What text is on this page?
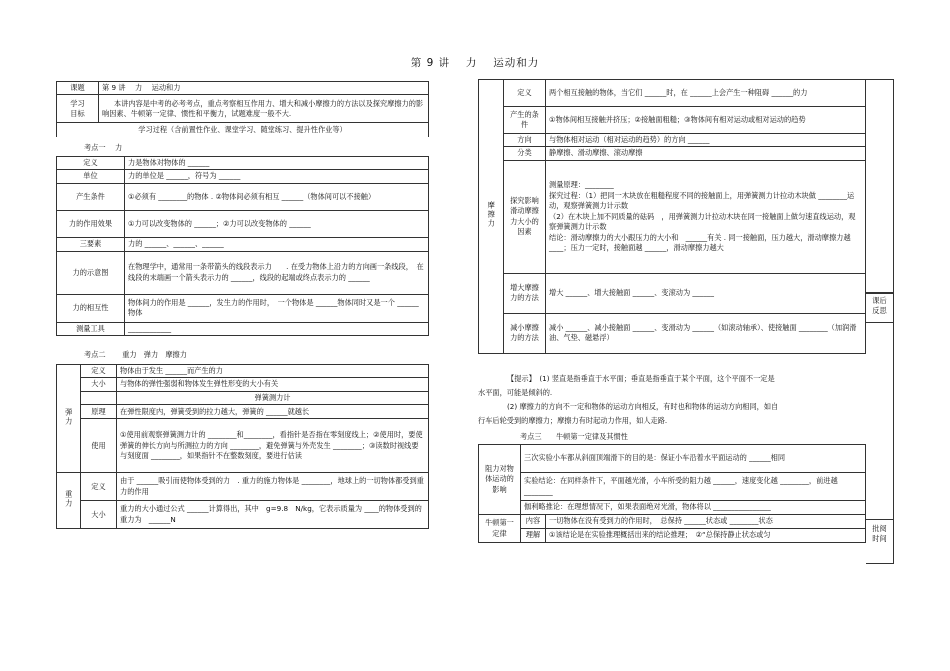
第 9 讲　 力　 运动和力
课题	第 9 讲　 力　 运动和力
学习
目标	本讲内容是中考的必考考点，重点考察相互作用力、增大和减小摩擦力的方法以及探究摩擦力的影响因素、牛顿第一定律、惯性和平衡力，试题难度一般不大.
学习过程（含前置性作业、课堂学习、随堂练习、提升性作业等）	
考点一　 力
定义	力是物体对物体的 ______
单位	力的单位是 ______，符号为 ______
产生条件	①必须有 ________的物体 . ②物体间必须有相互 ______（物体间可以不接触）
力的作用效果	①力可以改变物体的 ______；②力可以改变物体的 ______
三要素	力的 ______、______、______
力的示意图	在物理学中，通常用一条带箭头的线段表示力　　. 在受力物体上沿力的方向画一条线段，　在线段的末端画一个箭头表示力的 ______，线段的起端或终点表示力的 ______
力的相互性	物体间力的作用是 ______，发生力的作用时，　一个物体是 ______物体同时又是一个 ______物体
测量工具	____________
考点二　　 重力　弹力　摩擦力
弹力	定义	物体由于发生 ______而产生的力
	大小	与物体的弹性强弱和物体发生弹性形变的大小有关
		弹簧测力计
	原理	在弹性限度内，弹簧受到的拉力越大，弹簧的 ______就越长
	使用	①使用前观察弹簧测力计的 ________和________，看指针是否指在零刻度线上；②使用时，要使弹簧的伸长方向与所测拉力的方向 ________，避免弹簧与外壳发生 ________；③读数时视线要与刻度面 ________，如果指针不在整数刻度，要进行估读
重力	定义	由于 ______吸引而使物体受到的力　. 重力的施力物体是 ________，地球上的一切物体都受到重力的作用
	大小	重力的大小通过公式 ______计算得出，其中　g=9.8　N/kg，它表示质量为 ____的物体受到的重力为　______N
摩擦力	定义	两个相互接触的物体，当它们 ______时，在 ______上会产生一种阻碍 ______的力
	产生的条件	①物体间相互接触并挤压；②接触面粗糙；③物体间有相对运动或相对运动的趋势
	方向	与物体相对运动（相对运动的趋势）的方向 ______
	分类	静摩擦、滑动摩擦、滚动摩擦
	探究影响滑动摩擦力大小的因素	测量原理：________
探究过程：（1）把同一木块放在粗糙程度不同的接触面上，用弹簧测力计拉动木块做 ________运动，观察弹簧测力计示数
（2）在木块上加不同质量的砝码　，用弹簧测力计拉动木块在同一接触面上做匀速直线运动，观察弹簧测力计示数
结论：滑动摩擦力的大小跟压力的大小和　______有关 . 同一接触面，压力越大，滑动摩擦力越 ____；压力一定时，接触面越 ______，滑动摩擦力越大
	增大摩擦力的方法	增大 ______、增大接触面 ______、变滚动为 ______
	减小摩擦力的方法	减小 ______、减小接触面 ______、变滑动为 ______（如滚动轴承）、使接触面 ________（加润滑油、气垫、磁悬浮）
课后
反思
批阅
时间
【提示】　 (1) 竖直是指垂直于水平面；垂直是指垂直于某个平面，这个平面不一定是
水平面，可能是倾斜的.
(2) 摩擦力的方向不一定和物体的运动方向相反，有时也和物体的运动方向相同，如自
行车后轮受到的摩擦力；摩擦力有时起动力作用，如人走路.
考点三　　牛顿第一定律及其惯性
阻力对物体运动的影响	三次实验小车都从斜面顶端滑下的目的是：保证小车沿着水平面运动的 ______相同	
	实验结论：在同样条件下，平面越光滑，小车所受的阻力越 ______，速度变化越 ________，前进越 ________	
	伽利略推论：在理想情况下，如果表面绝对光滑，物体将以 ________________	
牛顿第一定律	内容	一切物体在没有受到力的作用时，　总保持 ______状态或 ________状态
	理解	①该结论是在实验推理概括出来的结论推理；　②“总保持静止状态或匀
